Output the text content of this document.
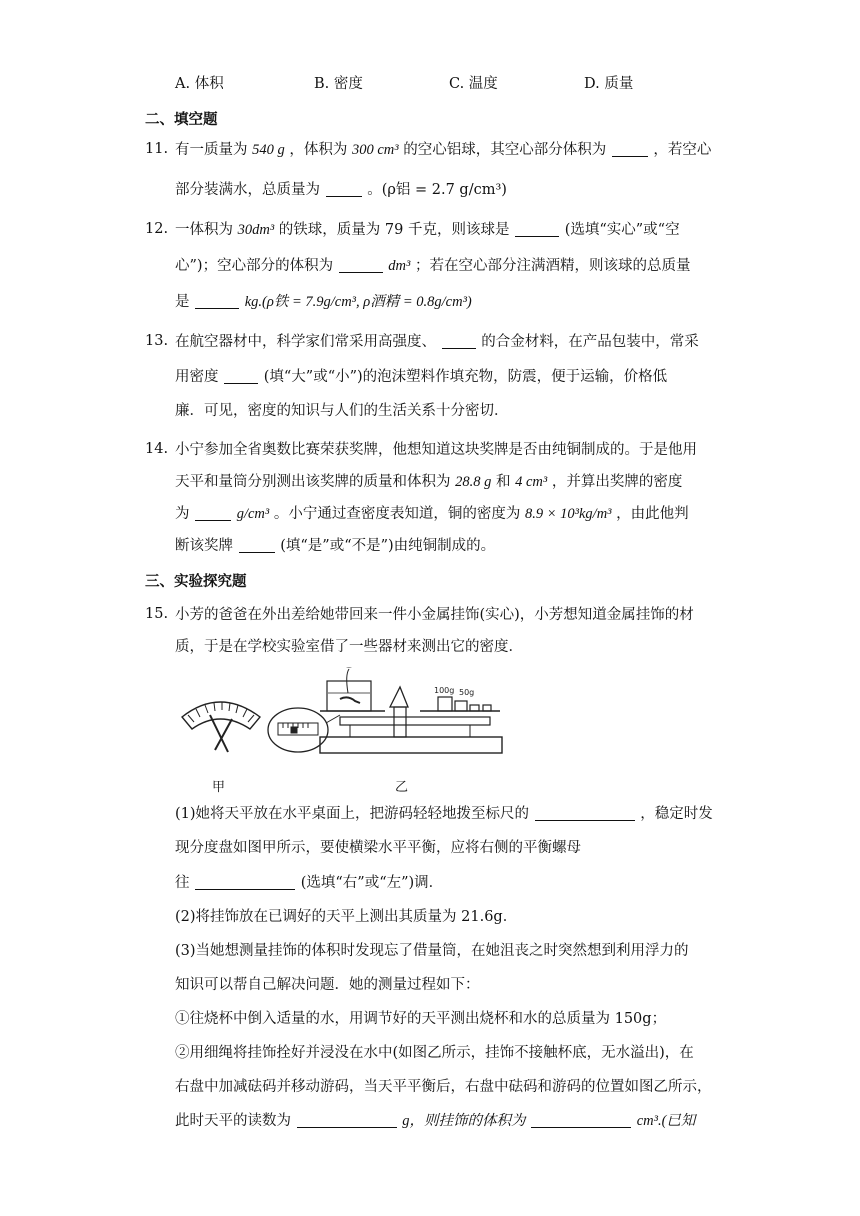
A. 体积	B. 密度	C. 温度	D. 质量
二、填空题
11. 有一质量为 540 g ，体积为 300 cm³ 的空心铝球，其空心部分体积为	，若空心
部分装满水，总质量为	。(ρ铝 = 2.7 g/cm³)
12. 一体积为 30dm³ 的铁球，质量为 79 千克，则该球是	(选填“实心”或“空
心”)；空心部分的体积为	dm³ ；若在空心部分注满酒精，则该球的总质量
是	kg.(ρ铁 = 7.9g/cm³, ρ酒精 = 0.8g/cm³)
13. 在航空器材中，科学家们常采用高强度、	的合金材料，在产品包装中，常采
用密度	(填“大”或“小”)的泡沫塑料作填充物，防震，便于运输，价格低
廉．可见，密度的知识与人们的生活关系十分密切．
14. 小宁参加全省奥数比赛荣获奖牌，他想知道这块奖牌是否由纯铜制成的。于是他用
天平和量筒分别测出该奖牌的质量和体积为 28.8 g 和 4 cm³ ，并算出奖牌的密度
为	g/cm³ 。小宁通过查密度表知道，铜的密度为 8.9 × 10³kg/m³ ，由此他判
断该奖牌	(填“是”或“不是”)由纯铜制成的。
三、实验探究题
15. 小芳的爸爸在外出差给她带回来一件小金属挂饰(实心)，小芳想知道金属挂饰的材
质，于是在学校实验室借了一些器材来测出它的密度．
100g 50g
甲	乙
(1)她将天平放在水平桌面上，把游码轻轻地拨至标尺的	，稳定时发
现分度盘如图甲所示，要使横梁水平平衡，应将右侧的平衡螺母
往	(选填“右”或“左”)调．
(2)将挂饰放在已调好的天平上测出其质量为 21.6g．
(3)当她想测量挂饰的体积时发现忘了借量筒，在她沮丧之时突然想到利用浮力的
知识可以帮自己解决问题．她的测量过程如下：
①往烧杯中倒入适量的水，用调节好的天平测出烧杯和水的总质量为 150g；
②用细绳将挂饰拴好并浸没在水中(如图乙所示，挂饰不接触杯底，无水溢出)，在
右盘中加减砝码并移动游码，当天平平衡后，右盘中砝码和游码的位置如图乙所示，
此时天平的读数为	g，则挂饰的体积为	cm³.(已知
